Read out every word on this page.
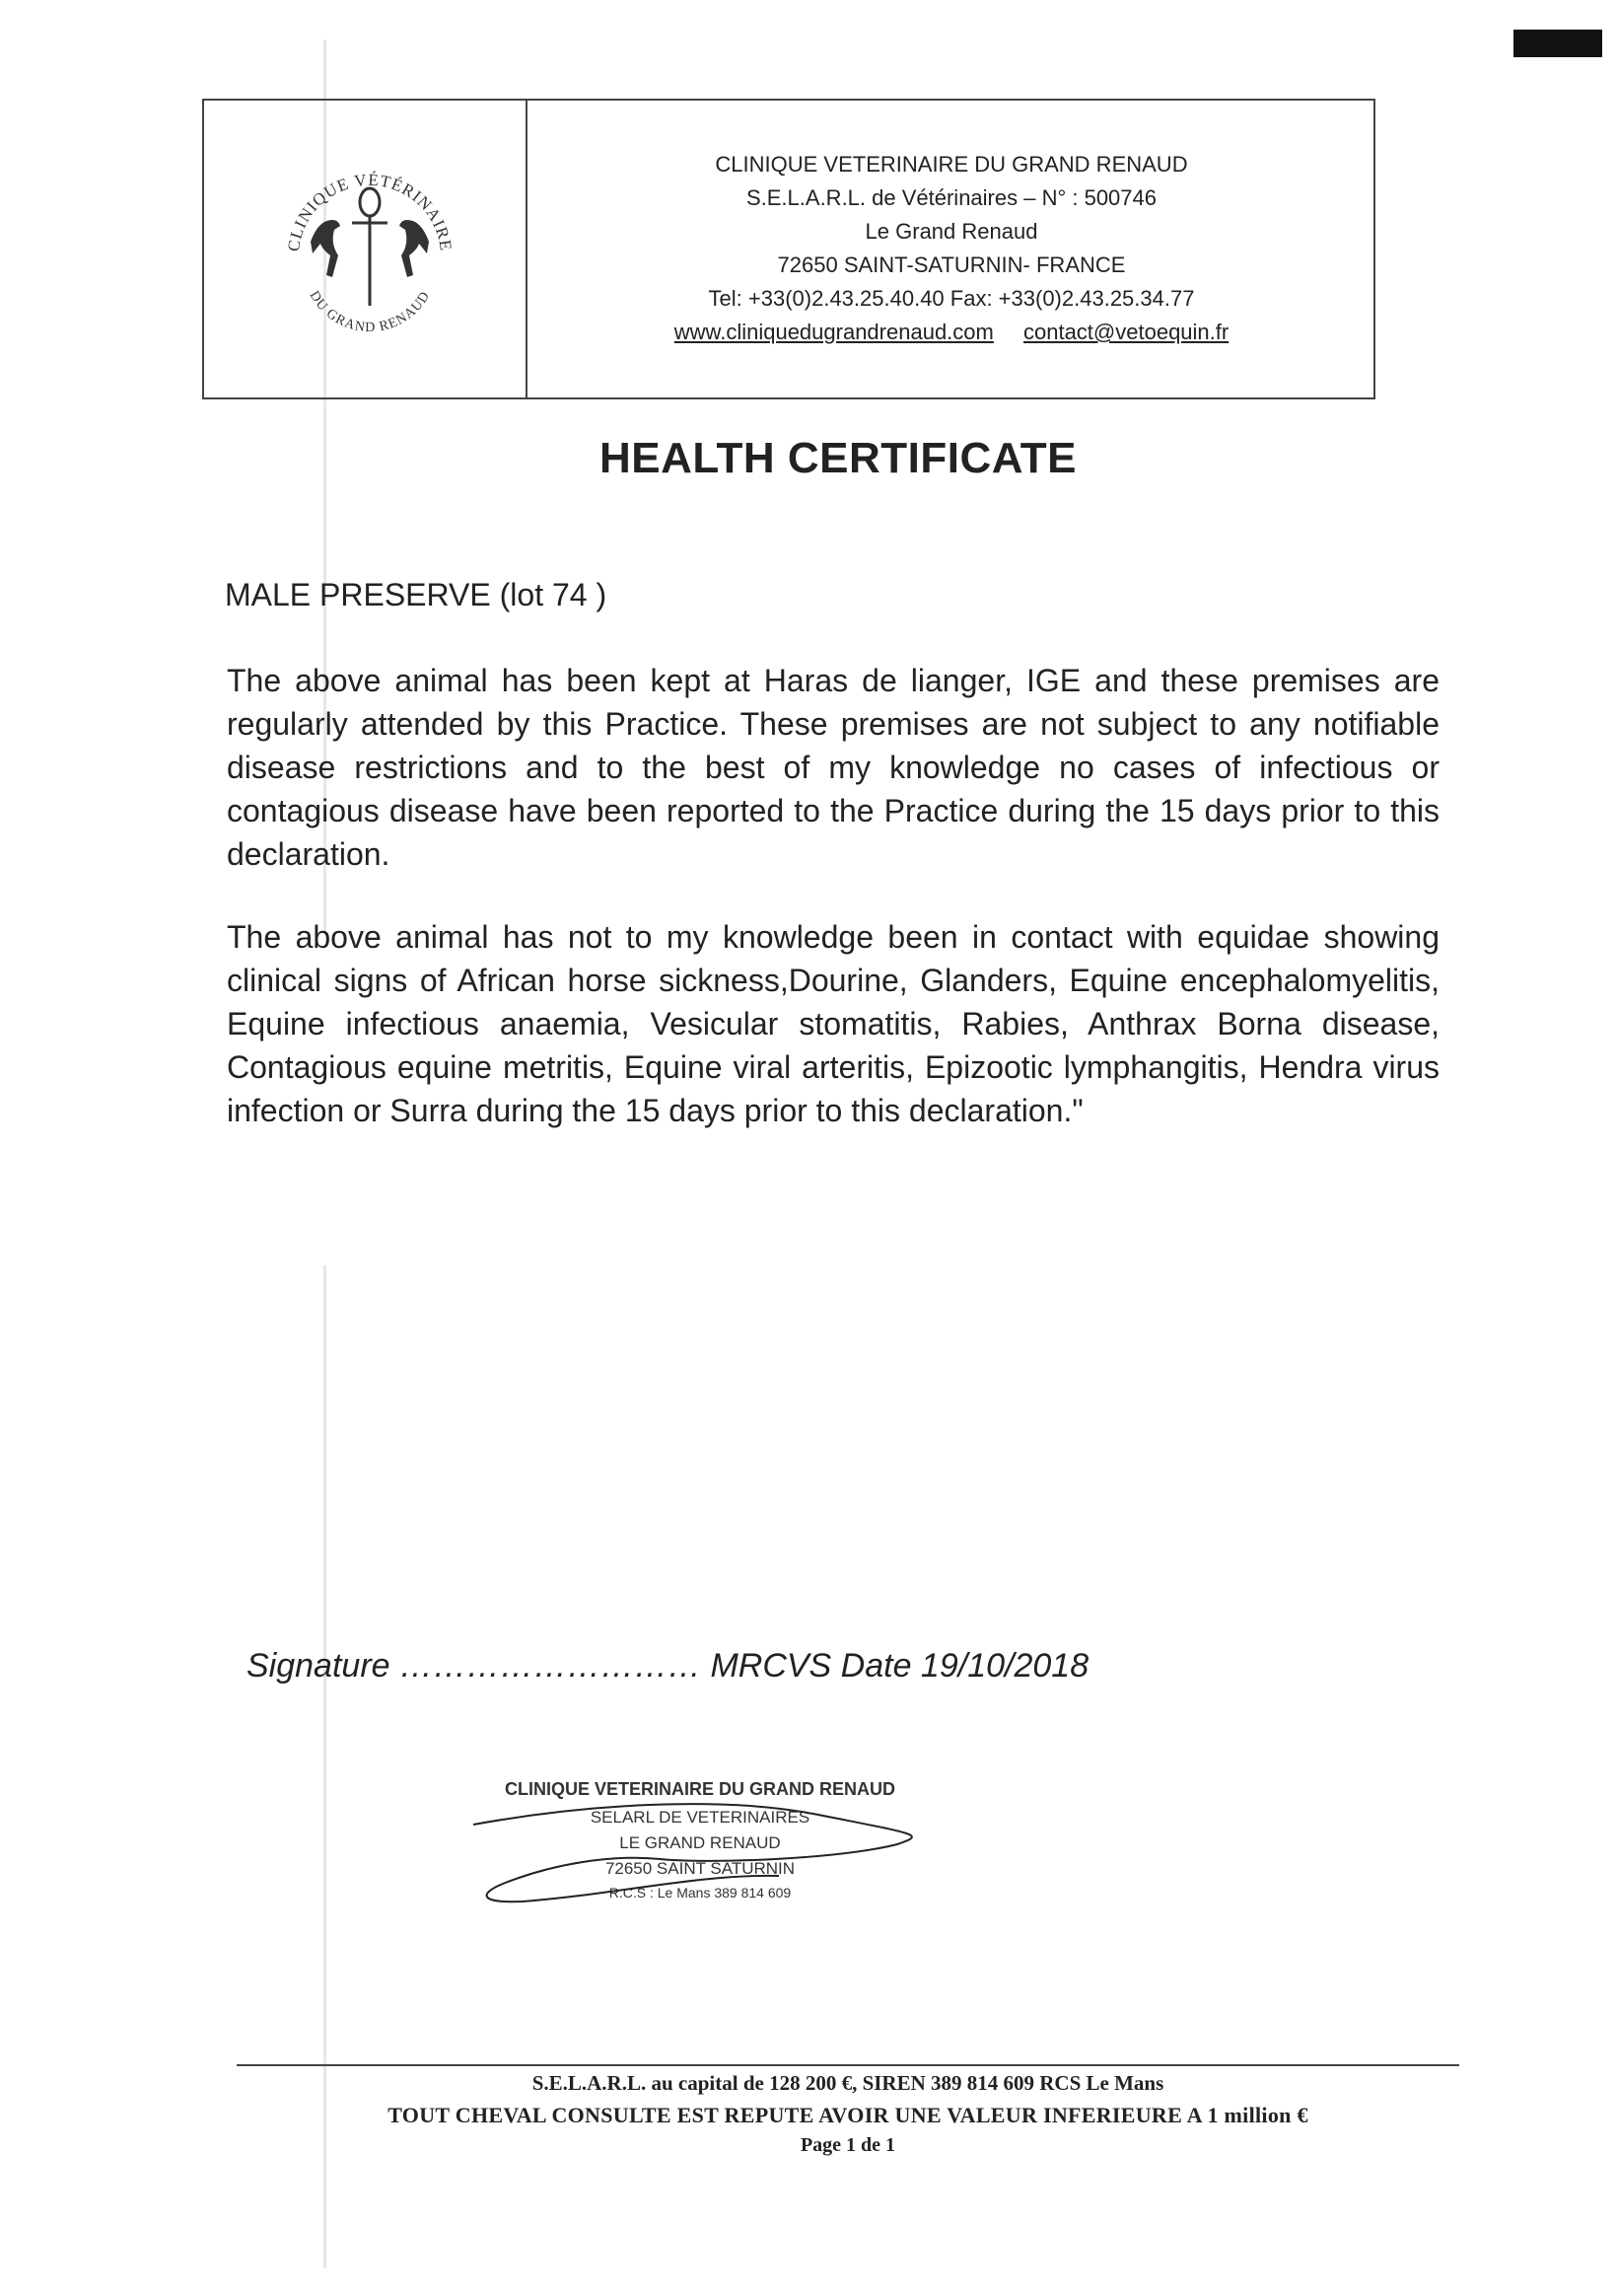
CLINIQUE VÉTÉRINAIRE
DU GRAND RENAUD
CLINIQUE VETERINAIRE DU GRAND RENAUD
S.E.L.A.R.L. de Vétérinaires – N° : 500746
Le Grand Renaud
72650 SAINT-SATURNIN- FRANCE
Tel: +33(0)2.43.25.40.40 Fax: +33(0)2.43.25.34.77
www.cliniquedugrandrenaud.com contact@vetoequin.fr
HEALTH CERTIFICATE
MALE PRESERVE (lot 74 )
The above animal has been kept at Haras de lianger, IGE and these premises are regularly attended by this Practice. These premises are not subject to any notifiable disease restrictions and to the best of my knowledge no cases of infectious or contagious disease have been reported to the Practice during the 15 days prior to this declaration.
The above animal has not to my knowledge been in contact with equidae showing clinical signs of African horse sickness,Dourine, Glanders, Equine encephalomyelitis, Equine infectious anaemia, Vesicular stomatitis, Rabies, Anthrax Borna disease, Contagious equine metritis, Equine viral arteritis, Epizootic lymphangitis, Hendra virus infection or Surra during the 15 days prior to this declaration."
Signature ……………………… MRCVS Date 19/10/2018
CLINIQUE VETERINAIRE DU GRAND RENAUD
SELARL DE VETERINAIRES
LE GRAND RENAUD
72650 SAINT SATURNIN
R.C.S : Le Mans 389 814 609
S.E.L.A.R.L. au capital de 128 200 €, SIREN 389 814 609 RCS Le Mans
TOUT CHEVAL CONSULTE EST REPUTE AVOIR UNE VALEUR INFERIEURE A 1 million €
Page 1 de 1
